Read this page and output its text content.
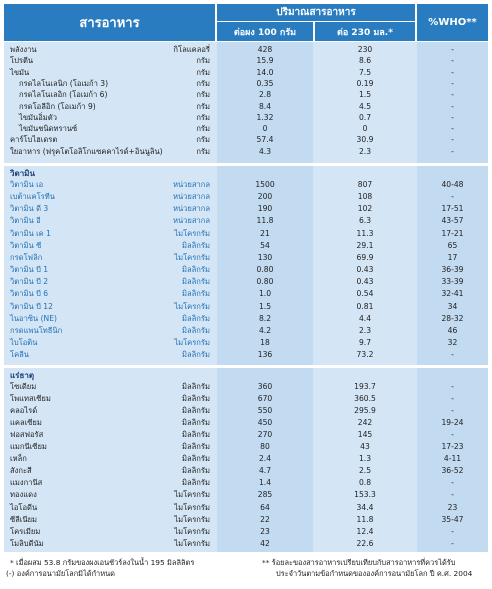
สารอาหาร
ปริมาณสารอาหาร
ต่อผง 100 กรัม	ต่อ 230 มล.*
%WHO**
พลังงาน	กิโลแคลอรี่	428	230	-
โปรตีน	กรัม	15.9	8.6	-
ไขมัน	กรัม	14.0	7.5	-
กรดไลโนเลนิก (โอเมก้า 3)	กรัม	0.35	0.19	-
กรดไลโนเลอิก (โอเมก้า 6)	กรัม	2.8	1.5	-
กรดโอลีอิก (โอเมก้า 9)	กรัม	8.4	4.5	-
ไขมันอิ่มตัว	กรัม	1.32	0.7	-
ไขมันชนิดทรานซ์	กรัม	0	0	-
คาร์โบไฮเดรต	กรัม	57.4	30.9	-
ใยอาหาร (ฟรุคโตโอลิโกแซคคาไรด์+อินนูลิน)	กรัม	4.3	2.3	-
วิตามิน เอ	หน่วยสากล	1500	807	40-48
เบต้าแคโรทีน	หน่วยสากล	200	108	-
วิตามิน ดี 3	หน่วยสากล	190	102	17-51
วิตามิน อี	หน่วยสากล	11.8	6.3	43-57
วิตามิน เค 1	ไมโครกรัม	21	11.3	17-21
วิตามิน ซี	มิลลิกรัม	54	29.1	65
กรดโฟลิก	ไมโครกรัม	130	69.9	17
วิตามิน บี 1	มิลลิกรัม	0.80	0.43	36-39
วิตามิน บี 2	มิลลิกรัม	0.80	0.43	33-39
วิตามิน บี 6	มิลลิกรัม	1.0	0.54	32-41
วิตามิน บี 12	ไมโครกรัม	1.5	0.81	34
ไนอาซิน (NE)	มิลลิกรัม	8.2	4.4	28-32
กรดแพนโทธีนิก	มิลลิกรัม	4.2	2.3	46
ไบโอติน	ไมโครกรัม	18	9.7	32
โคลีน	มิลลิกรัม	136	73.2	-
โซเดียม	มิลลิกรัม	360	193.7	-
โพแทสเซียม	มิลลิกรัม	670	360.5	-
คลอไรด์	มิลลิกรัม	550	295.9	-
แคลเซียม	มิลลิกรัม	450	242	19-24
ฟอสฟอรัส	มิลลิกรัม	270	145	-
แมกนีเซียม	มิลลิกรัม	80	43	17-23
เหล็ก	มิลลิกรัม	2.4	1.3	4-11
สังกะสี	มิลลิกรัม	4.7	2.5	36-52
แมงกานีส	มิลลิกรัม	1.4	0.8	-
ทองแดง	ไมโครกรัม	285	153.3	-
ไอโอดีน	ไมโครกรัม	64	34.4	23
ซีลีเนียม	ไมโครกรัม	22	11.8	35-47
โครเมียม	ไมโครกรัม	23	12.4	-
โมลิบดีนัม	ไมโครกรัม	42	22.6	-
วิตามิน
แร่ธาตุ
* เมื่อผสม 53.8 กรัมของผงเอนชัวร์ลงในน้ำ 195 มิลลิลิตร
(-) องค์การอนามัยโลกมิได้กำหนด
** ร้อยละของสารอาหารเปรียบเทียบกับสารอาหารที่ควรได้รับ
ประจำวันตามข้อกำหนดขององค์การอนามัยโลก ปี ค.ศ. 2004
